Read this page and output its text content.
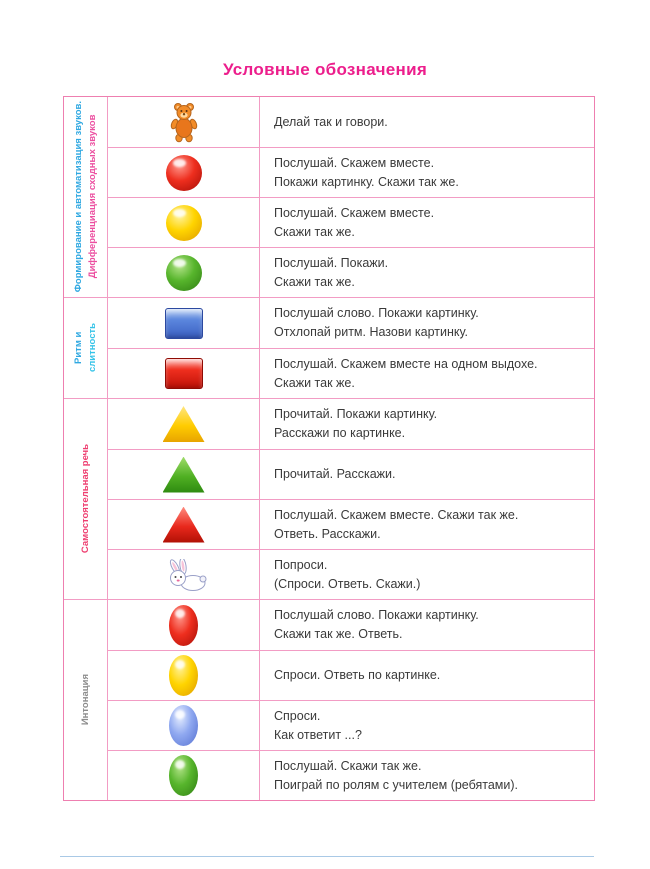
Условные обозначения
Формирование и автоматизация звуков. Дифференциация сходных звуков	Делай так и говори.
Послушай. Скажем вместе.
Покажи картинку. Скажи так же.
Послушай. Скажем вместе.
Скажи так же.
Послушай. Покажи.
Скажи так же.
Ритм и слитность
Послушай слово. Покажи картинку.
Отхлопай ритм. Назови картинку.
Послушай. Скажем вместе на одном выдохе.
Скажи так же.
Самостоятельная речь
Прочитай. Покажи картинку.
Расскажи по картинке.
Прочитай. Расскажи.
Послушай. Скажем вместе. Скажи так же.
Ответь. Расскажи.
Попроси.
(Спроси. Ответь. Скажи.)
Интонация
Послушай слово. Покажи картинку.
Скажи так же. Ответь.
Спроси. Ответь по картинке.
Спроси.
Как ответит ...?
Послушай. Скажи так же.
Поиграй по ролям с учителем (ребятами).
